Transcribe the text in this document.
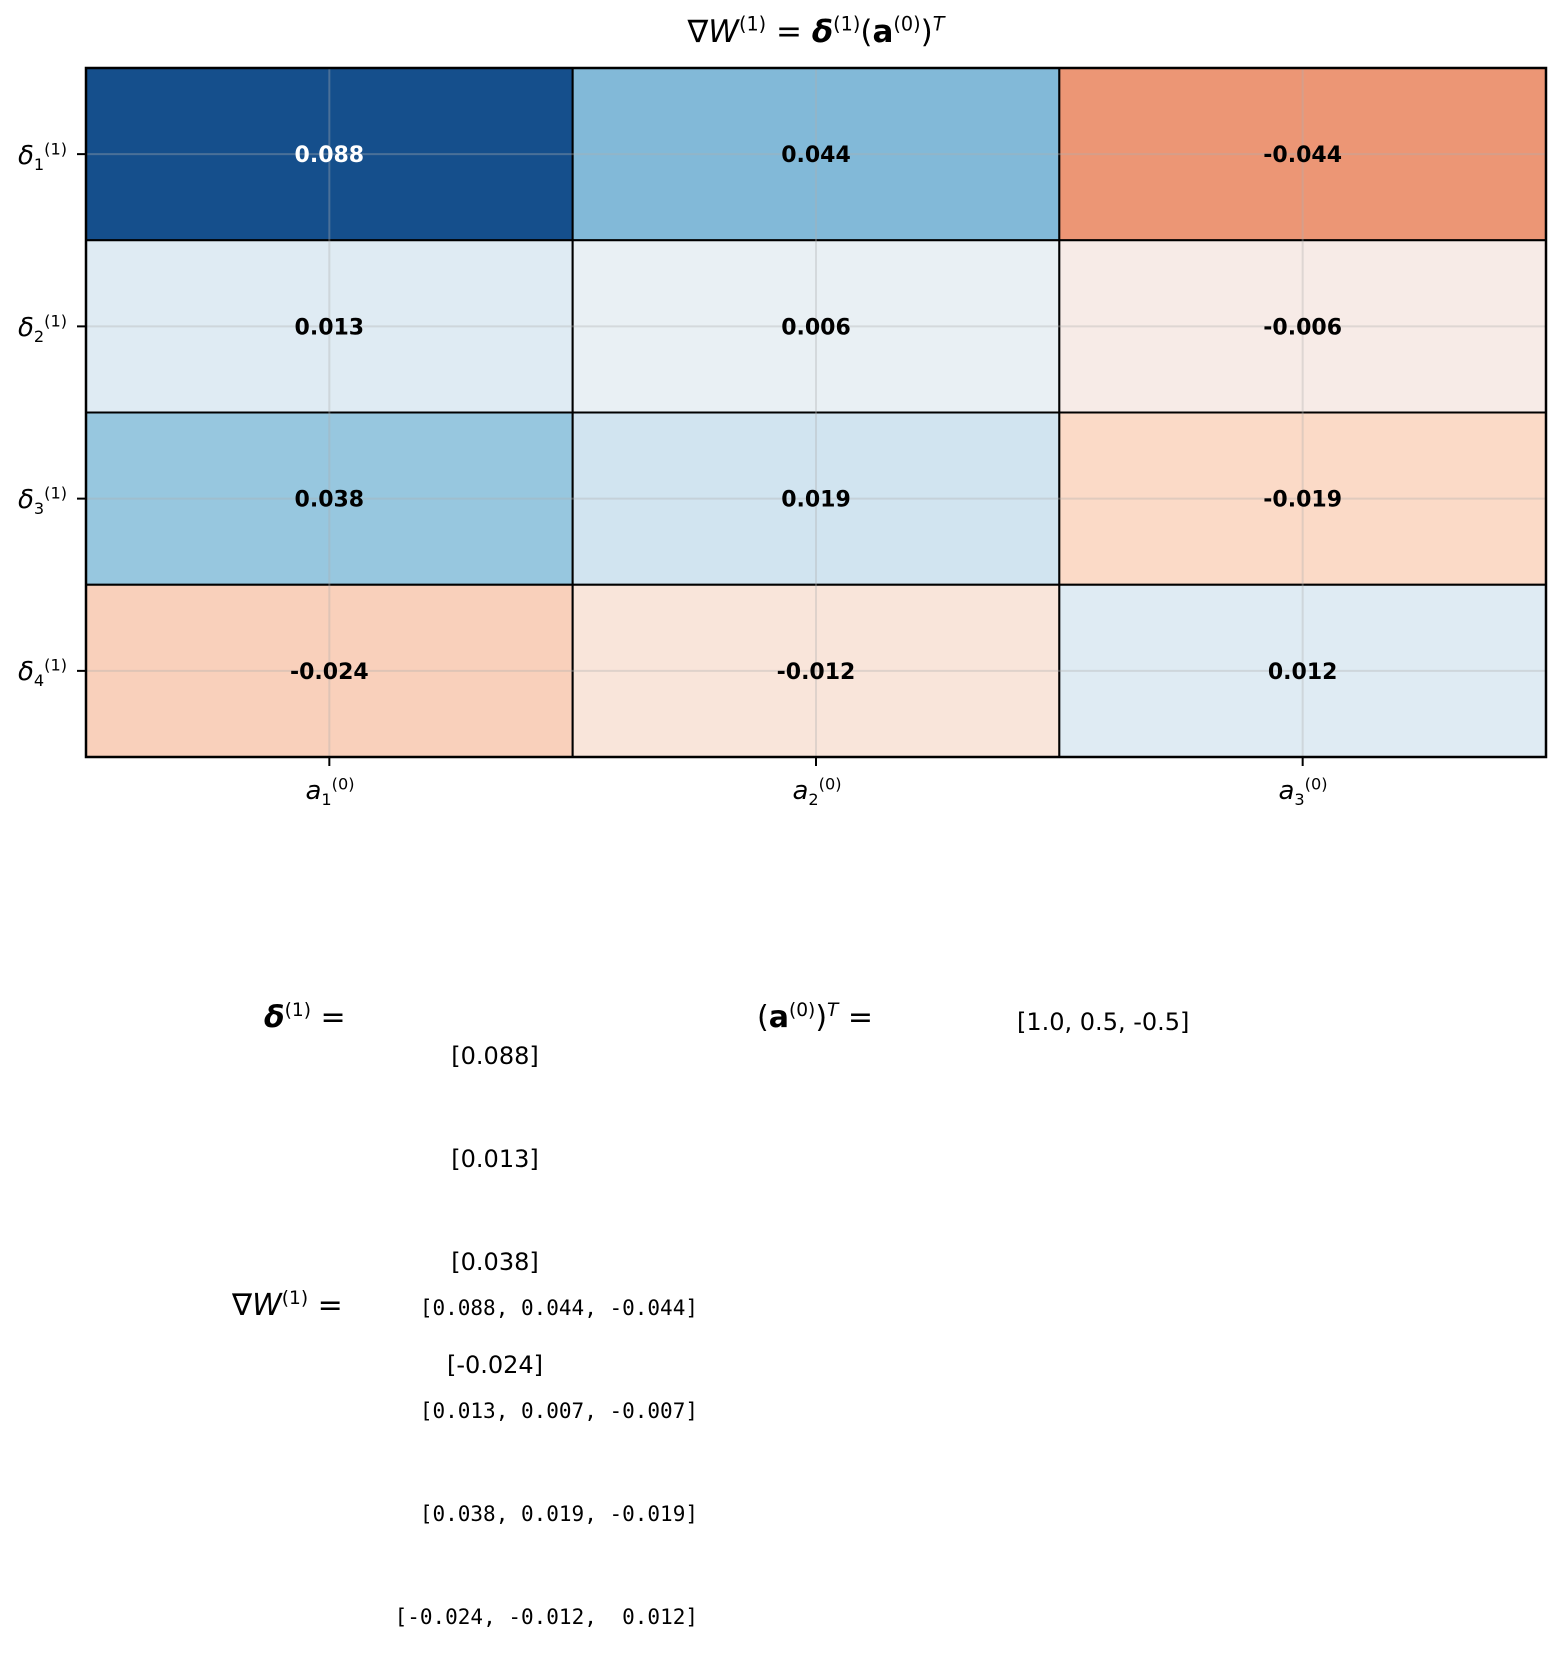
0.088	0.044	-0.044
0.013	0.006	-0.006
0.038	0.019	-0.019
-0.024	-0.012	0.012
$\nabla W^{(1)} = \delta^{(1)}(a^{(0)})^T$
$\delta_1^{(1)}$
$\delta_2^{(1)}$
$\delta_3^{(1)}$
$\delta_4^{(1)}$
$a_1^{(0)}$	$a_2^{(0)}$	$a_3^{(0)}$
$\delta^{(1)}$ =

[0.088]

[0.013]

[0.038]

[-0.024]

$(a^{(0)})^T$ =	[1.0, 0.5, -0.5]
$\nabla W^{(1)}$ =

	[0.088, 0.044, -0.044]

[0.013, 0.007, -0.007]

[0.038, 0.019, -0.019]

[-0.024, -0.012,  0.012]
